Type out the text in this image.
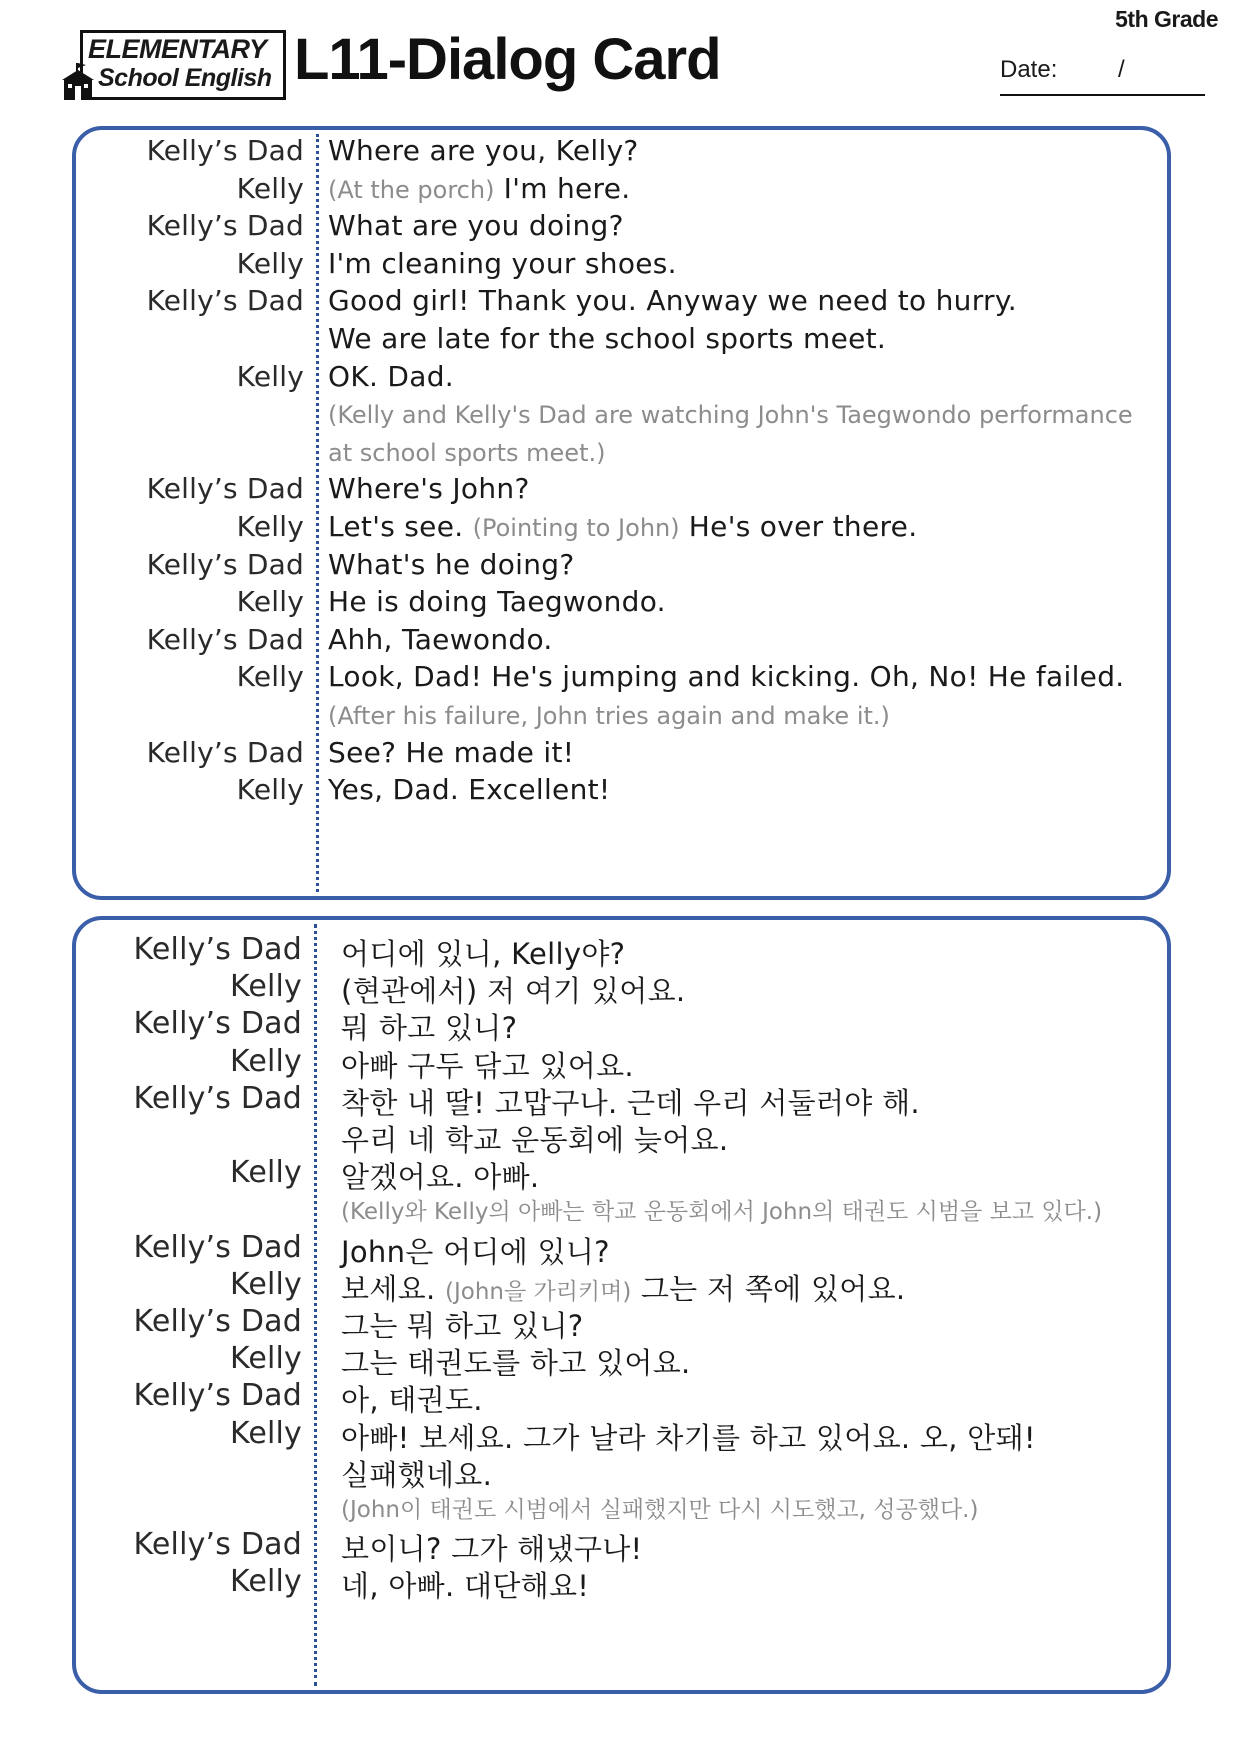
5th Grade
ELEMENTARY
School English L11-Dialog Card	Date:	/
Kelly’s Dad Where are you, Kelly?
Kelly (At the porch) I'm here.
Kelly’s Dad What are you doing?
Kelly I'm cleaning your shoes.
Kelly’s Dad Good girl! Thank you. Anyway we need to hurry.
We are late for the school sports meet.
Kelly OK. Dad.
(Kelly and Kelly's Dad are watching John's Taegwondo performance
at school sports meet.)
Kelly’s Dad Where's John?
Kelly Let's see. (Pointing to John) He's over there.
Kelly’s Dad What's he doing?
Kelly He is doing Taegwondo.
Kelly’s Dad Ahh, Taewondo.
Kelly Look, Dad! He's jumping and kicking. Oh, No! He failed.
(After his failure, John tries again and make it.)
Kelly’s Dad See? He made it!
Kelly Yes, Dad. Excellent!
Kelly’s Dad 어디에 있니, Kelly야?
Kelly (현관에서) 저 여기 있어요.
Kelly’s Dad 뭐 하고 있니?
Kelly 아빠 구두 닦고 있어요.
Kelly’s Dad 착한 내 딸! 고맙구나. 근데 우리 서둘러야 해.
우리 네 학교 운동회에 늦어요.
Kelly 알겠어요. 아빠.
(Kelly와 Kelly의 아빠는 학교 운동회에서 John의 태권도 시범을 보고 있다.)
Kelly’s Dad John은 어디에 있니?
Kelly 보세요. (John을 가리키며) 그는 저 쪽에 있어요.
Kelly’s Dad 그는 뭐 하고 있니?
Kelly 그는 태권도를 하고 있어요.
Kelly’s Dad 아, 태권도.
Kelly 아빠! 보세요. 그가 날라 차기를 하고 있어요. 오, 안돼!
실패했네요.
(John이 태권도 시범에서 실패했지만 다시 시도했고, 성공했다.)
Kelly’s Dad 보이니? 그가 해냈구나!
Kelly 네, 아빠. 대단해요!
